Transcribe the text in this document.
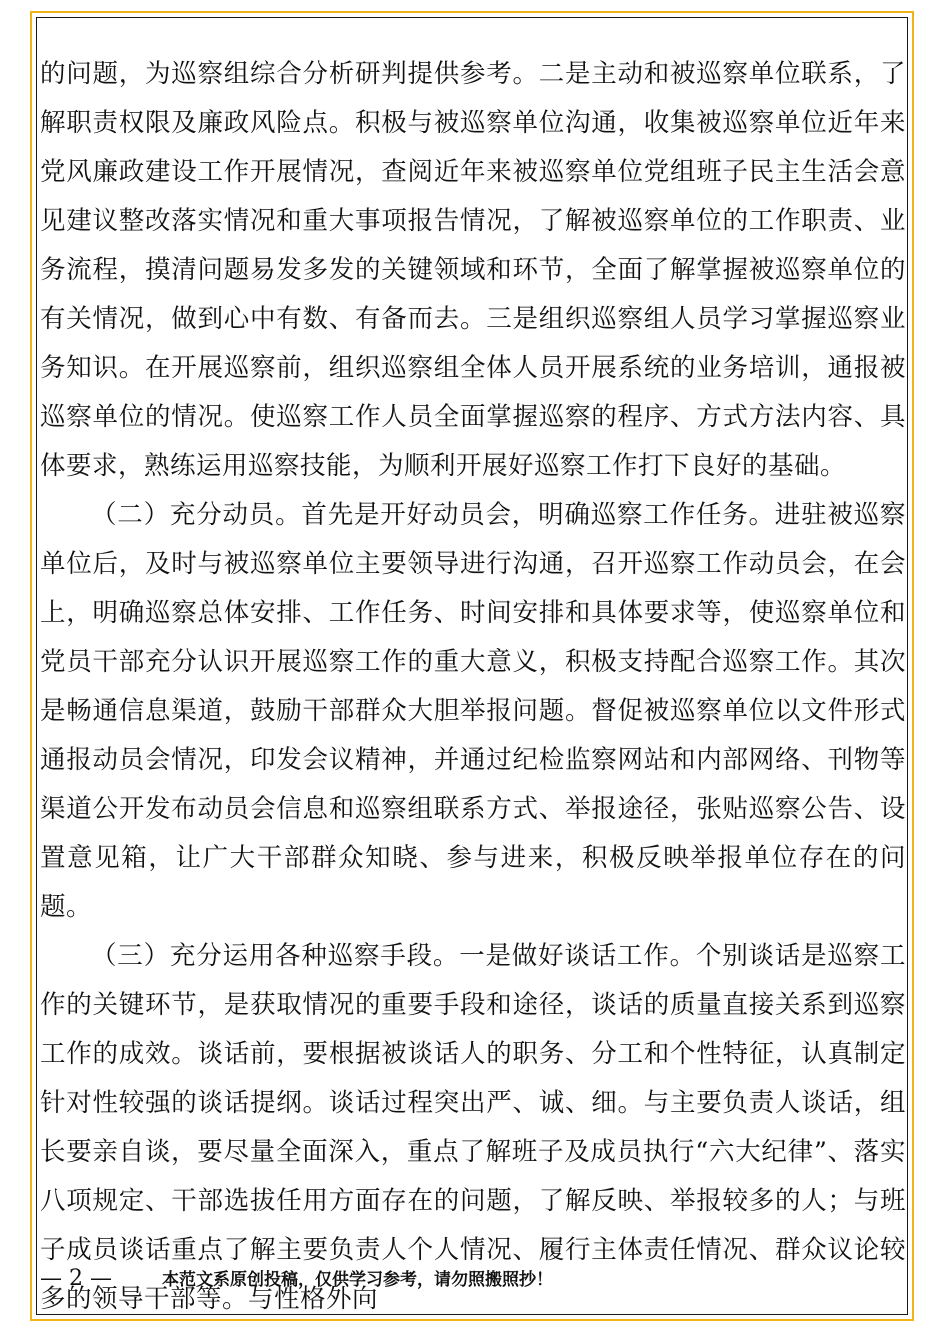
的问题，为巡察组综合分析研判提供参考。二是主动和被巡察单位联系，了解职责权限及廉政风险点。积极与被巡察单位沟通，收集被巡察单位近年来党风廉政建设工作开展情况，查阅近年来被巡察单位党组班子民主生活会意见建议整改落实情况和重大事项报告情况，了解被巡察单位的工作职责、业务流程，摸清问题易发多发的关键领域和环节，全面了解掌握被巡察单位的有关情况，做到心中有数、有备而去。三是组织巡察组人员学习掌握巡察业务知识。在开展巡察前，组织巡察组全体人员开展系统的业务培训，通报被巡察单位的情况。使巡察工作人员全面掌握巡察的程序、方式方法内容、具体要求，熟练运用巡察技能，为顺利开展好巡察工作打下良好的基础。

（二）充分动员。首先是开好动员会，明确巡察工作任务。进驻被巡察单位后，及时与被巡察单位主要领导进行沟通，召开巡察工作动员会，在会上，明确巡察总体安排、工作任务、时间安排和具体要求等，使巡察单位和党员干部充分认识开展巡察工作的重大意义，积极支持配合巡察工作。其次是畅通信息渠道，鼓励干部群众大胆举报问题。督促被巡察单位以文件形式通报动员会情况，印发会议精神，并通过纪检监察网站和内部网络、刊物等渠道公开发布动员会信息和巡察组联系方式、举报途径，张贴巡察公告、设置意见箱，让广大干部群众知晓、参与进来，积极反映举报单位存在的问题。

（三）充分运用各种巡察手段。一是做好谈话工作。个别谈话是巡察工作的关键环节，是获取情况的重要手段和途径，谈话的质量直接关系到巡察工作的成效。谈话前，要根据被谈话人的职务、分工和个性特征，认真制定针对性较强的谈话提纲。谈话过程突出严、诚、细。与主要负责人谈话，组长要亲自谈，要尽量全面深入，重点了解班子及成员执行“六大纪律”、落实八项规定、干部选拔任用方面存在的问题，了解反映、举报较多的人；与班子成员谈话重点了解主要负责人个人情况、履行主体责任情况、群众议论较多的领导干部等。与性格外向

— 2 —	本范文系原创投稿，仅供学习参考，请勿照搬照抄！
